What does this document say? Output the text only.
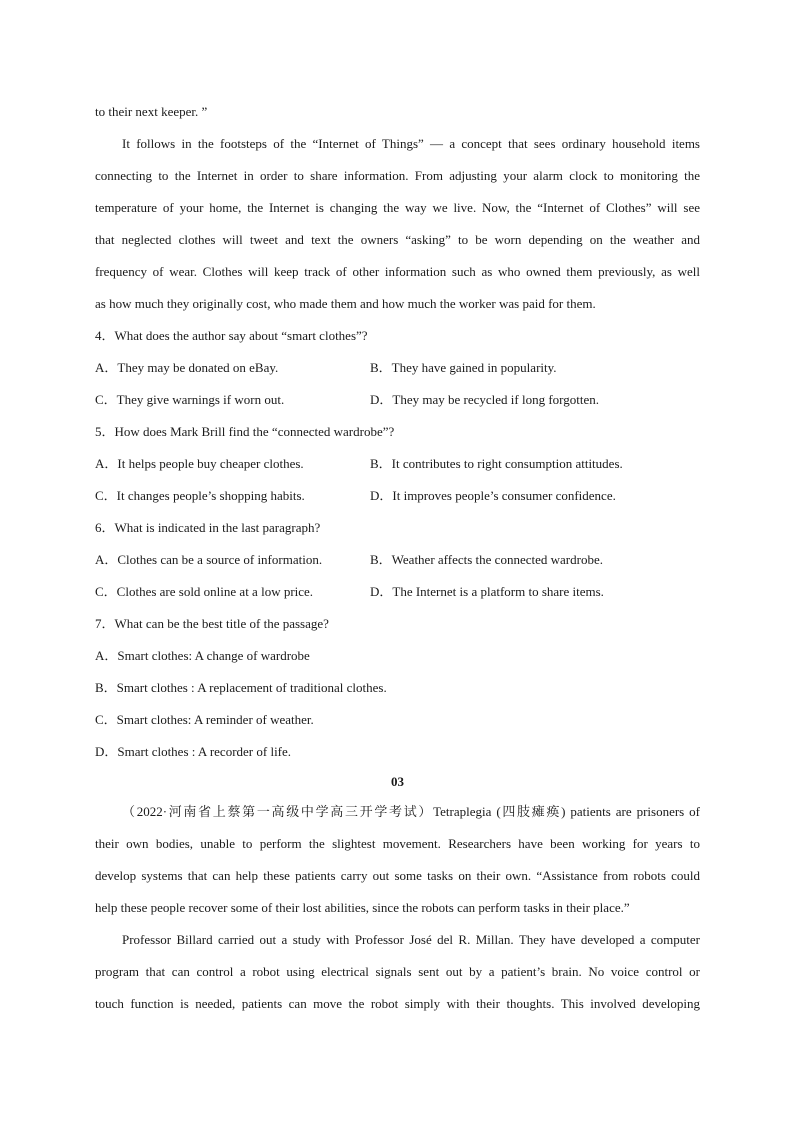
to their next keeper. ”
It follows in the footsteps of the “Internet of Things” — a concept that sees ordinary household items
connecting to the Internet in order to share information. From adjusting your alarm clock to monitoring the
temperature of your home, the Internet is changing the way we live. Now, the “Internet of Clothes” will see
that neglected clothes will tweet and text the owners “asking” to be worn depending on the weather and
frequency of wear. Clothes will keep track of other information such as who owned them previously, as well
as how much they originally cost, who made them and how much the worker was paid for them.
4．What does the author say about “smart clothes”?
A．They may be donated on eBay.	B．They have gained in popularity.
C．They give warnings if worn out.	D．They may be recycled if long forgotten.
5．How does Mark Brill find the “connected wardrobe”?
A．It helps people buy cheaper clothes.	B．It contributes to right consumption attitudes.
C．It changes people’s shopping habits.	D．It improves people’s consumer confidence.
6．What is indicated in the last paragraph?
A．Clothes can be a source of information.	B．Weather affects the connected wardrobe.
C．Clothes are sold online at a low price.	D．The Internet is a platform to share items.
7．What can be the best title of the passage?
A．Smart clothes: A change of wardrobe
B．Smart clothes : A replacement of traditional clothes.
C．Smart clothes: A reminder of weather.
D．Smart clothes : A recorder of life.
03
（2022·河南省上蔡第一高级中学高三开学考试）Tetraplegia (四肢瘫痪) patients are prisoners of
their own bodies, unable to perform the slightest movement. Researchers have been working for years to
develop systems that can help these patients carry out some tasks on their own. “Assistance from robots could
help these people recover some of their lost abilities, since the robots can perform tasks in their place.”
Professor Billard carried out a study with Professor José del R. Millan. They have developed a computer
program that can control a robot using electrical signals sent out by a patient’s brain. No voice control or
touch function is needed, patients can move the robot simply with their thoughts. This involved developing
